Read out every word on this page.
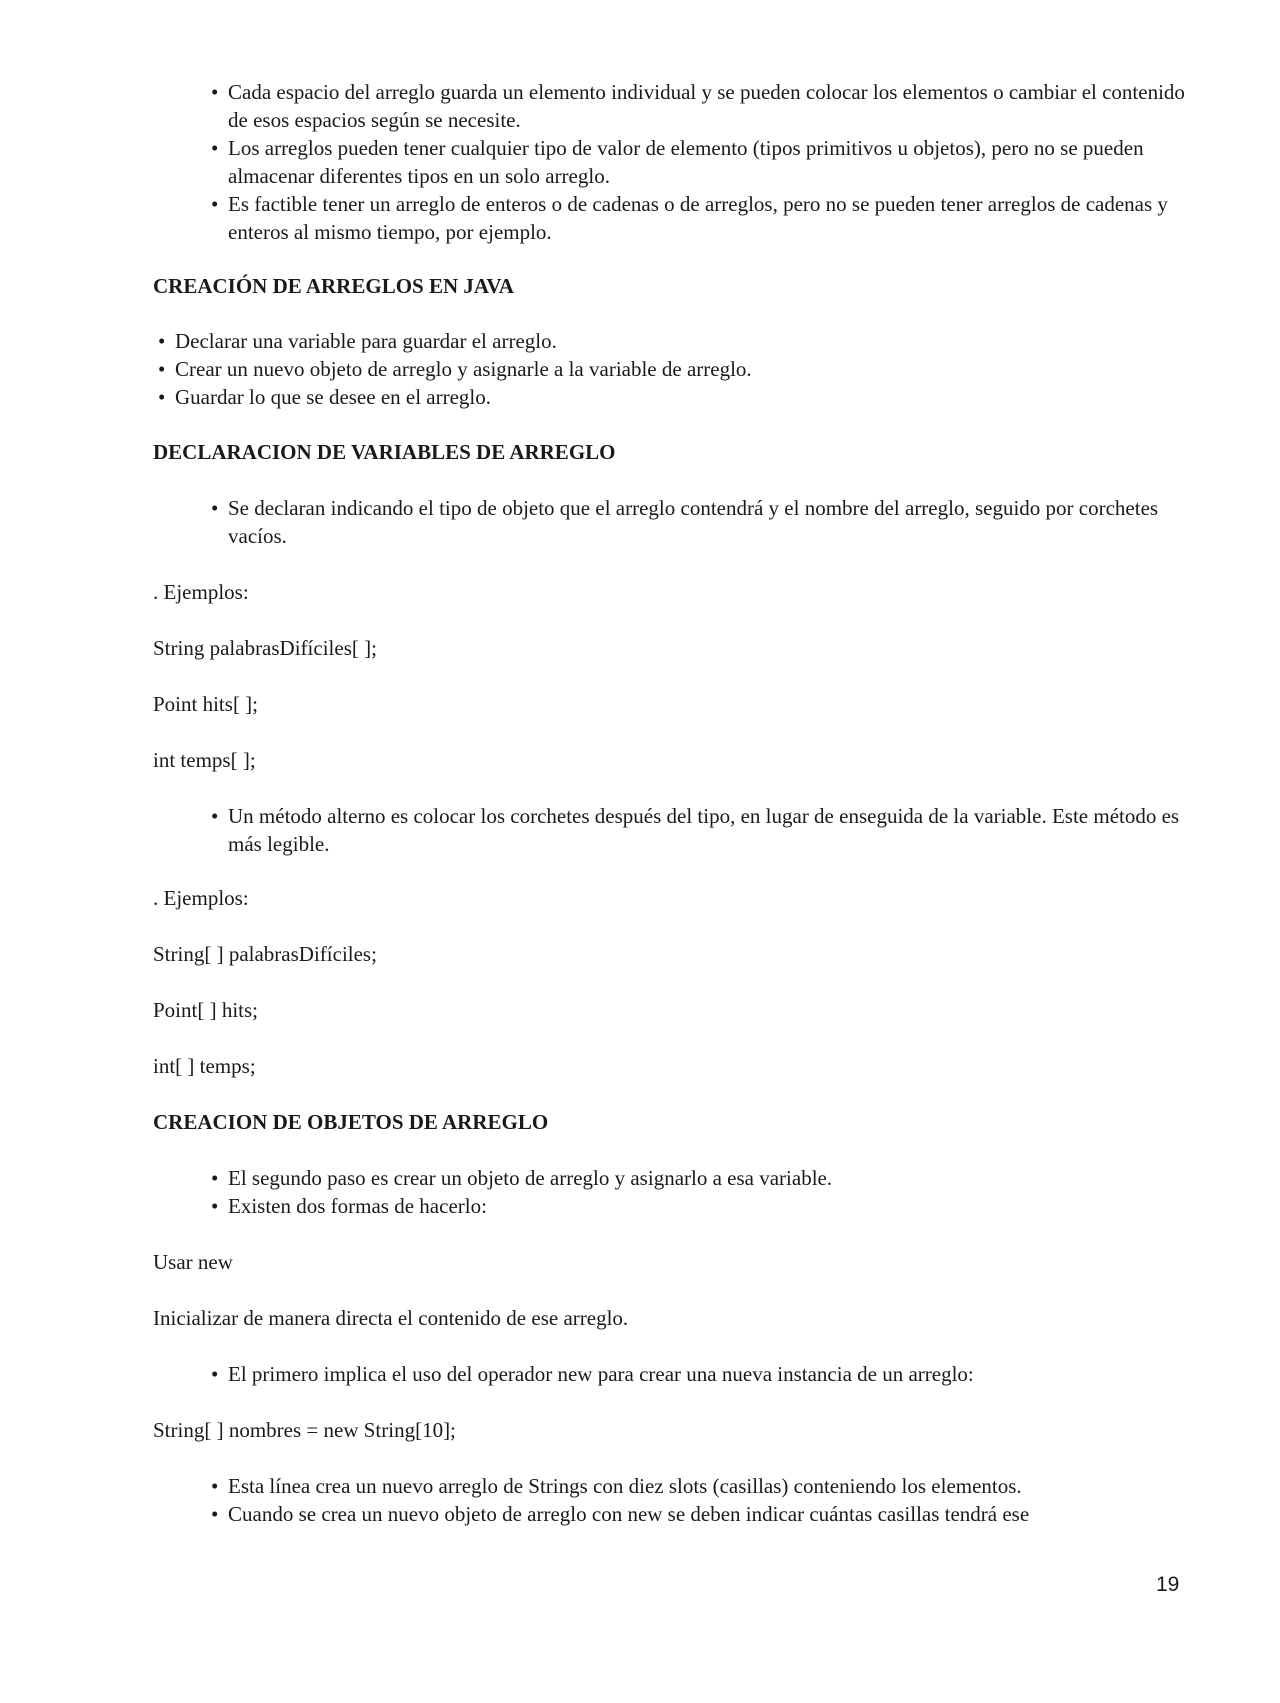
• Cada espacio del arreglo guarda un elemento individual y se pueden colocar los elementos o cambiar el contenido de esos espacios según se necesite.
• Los arreglos pueden tener cualquier tipo de valor de elemento (tipos primitivos u objetos), pero no se pueden almacenar diferentes tipos en un solo arreglo.
• Es factible tener un arreglo de enteros o de cadenas o de arreglos, pero no se pueden tener arreglos de cadenas y enteros al mismo tiempo, por ejemplo.
CREACIÓN DE ARREGLOS EN JAVA
• Declarar una variable para guardar el arreglo.
• Crear un nuevo objeto de arreglo y asignarle a la variable de arreglo.
• Guardar lo que se desee en el arreglo.
DECLARACION DE VARIABLES DE ARREGLO
• Se declaran indicando el tipo de objeto que el arreglo contendrá y el nombre del arreglo, seguido por corchetes vacíos.
. Ejemplos:
String palabrasDifíciles[ ];
Point hits[ ];
int temps[ ];
• Un método alterno es colocar los corchetes después del tipo, en lugar de enseguida de la variable. Este método es más legible.
. Ejemplos:
String[ ] palabrasDifíciles;
Point[ ] hits;
int[ ] temps;
CREACION DE OBJETOS DE ARREGLO
• El segundo paso es crear un objeto de arreglo y asignarlo a esa variable.
• Existen dos formas de hacerlo:
Usar new
Inicializar de manera directa el contenido de ese arreglo.
• El primero implica el uso del operador new para crear una nueva instancia de un arreglo:
String[ ] nombres = new String[10];
• Esta línea crea un nuevo arreglo de Strings con diez slots (casillas) conteniendo los elementos.
• Cuando se crea un nuevo objeto de arreglo con new se deben indicar cuántas casillas tendrá ese
19
